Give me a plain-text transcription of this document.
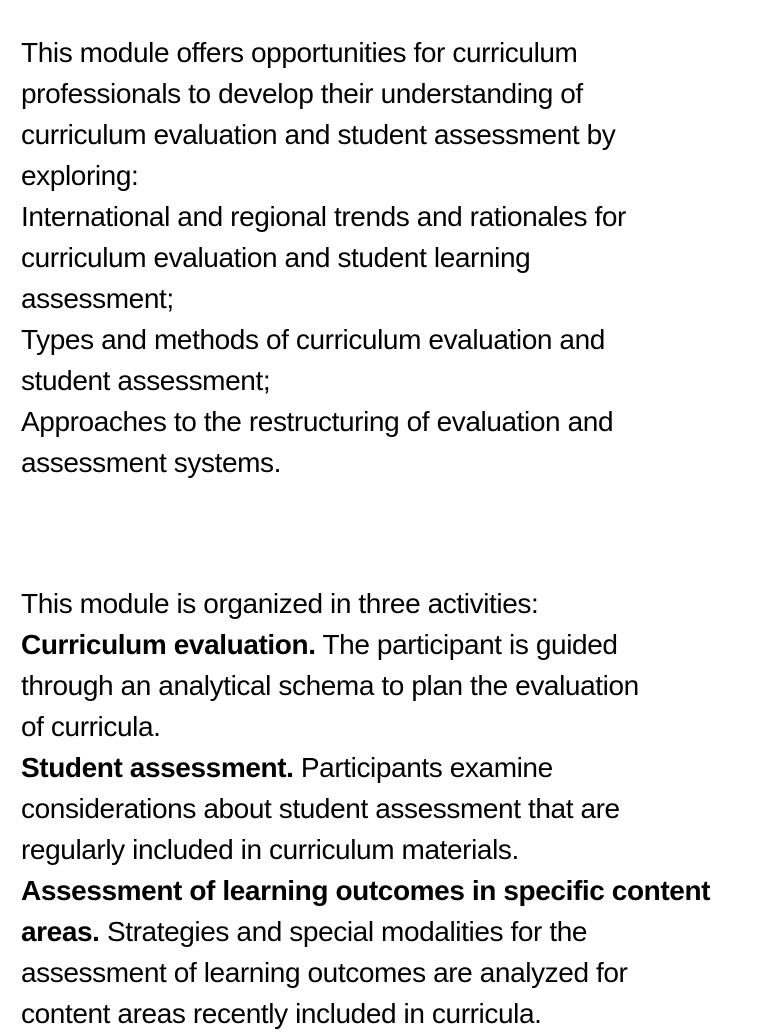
This module offers opportunities for curriculum
professionals to develop their understanding of
curriculum evaluation and student assessment by
exploring:
International and regional trends and rationales for
curriculum evaluation and student learning
assessment;
Types and methods of curriculum evaluation and
student assessment;
Approaches to the restructuring of evaluation and
assessment systems.
This module is organized in three activities:
Curriculum evaluation. The participant is guided
through an analytical schema to plan the evaluation
of curricula.
Student assessment. Participants examine
considerations about student assessment that are
regularly included in curriculum materials.
Assessment of learning outcomes in specific content
areas. Strategies and special modalities for the
assessment of learning outcomes are analyzed for
content areas recently included in curricula.
